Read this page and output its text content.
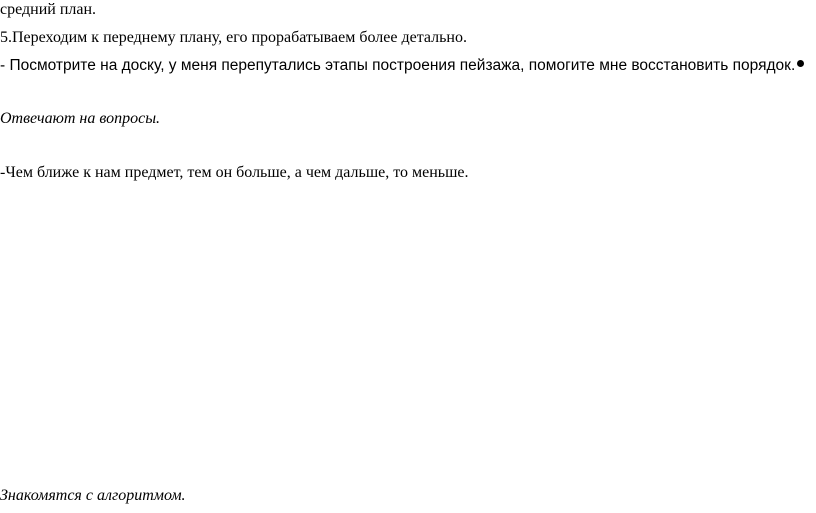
средний план.
5.Переходим к переднему плану, его прорабатываем более детально.
- Посмотрите на доску, у меня перепутались этапы построения пейзажа, помогите мне восстановить порядок.
Отвечают на вопросы.
-Чем ближе к нам предмет, тем он больше, а чем дальше, то меньше.
Знакомятся с алгоритмом.
